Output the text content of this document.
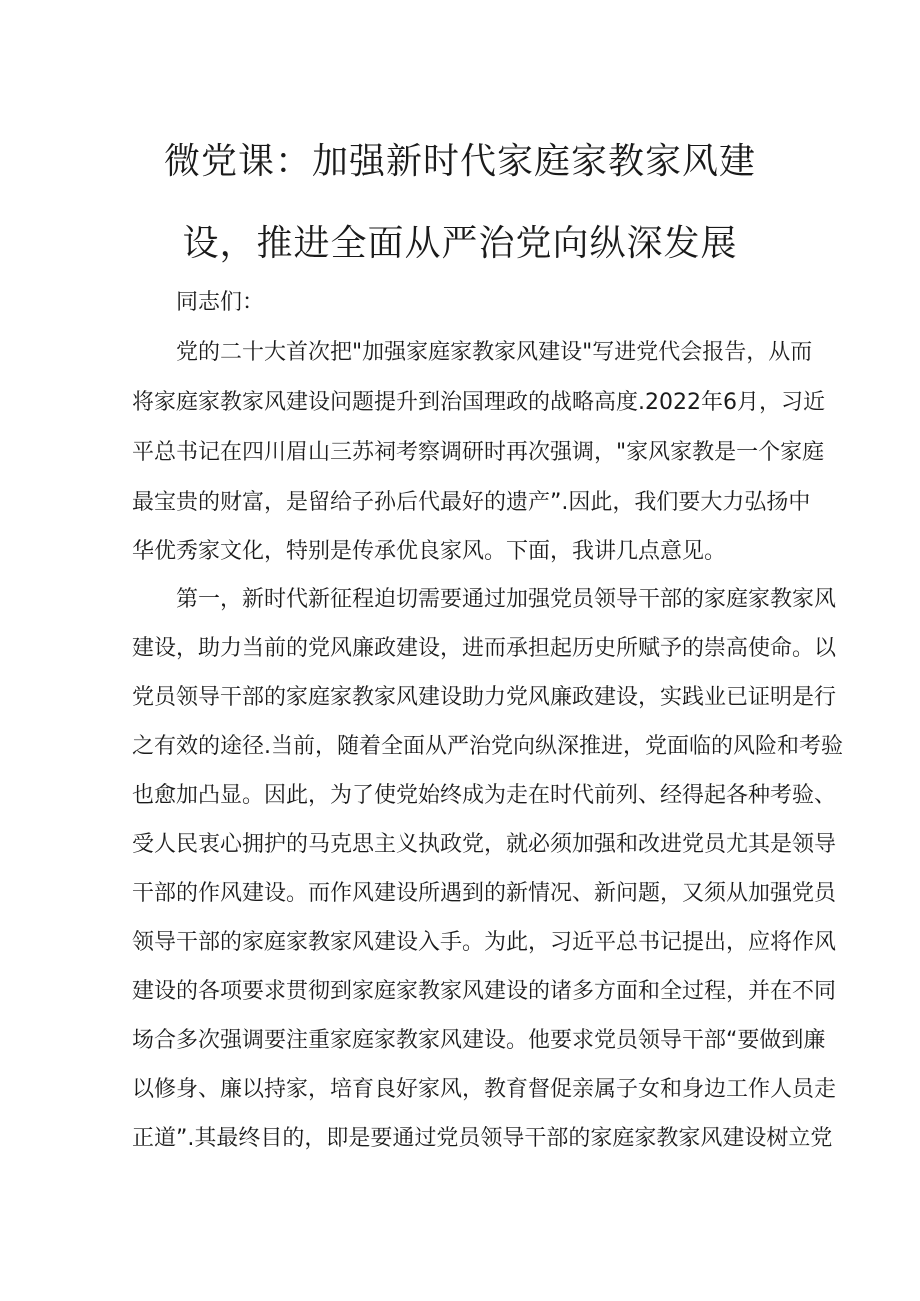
微党课：加强新时代家庭家教家风建
设，推进全面从严治党向纵深发展

同志们：

党的二十大首次把"加强家庭家教家风建设"写进党代会报告，从而

将家庭家教家风建设问题提升到治国理政的战略高度.2022年6月，习近

平总书记在四川眉山三苏祠考察调研时再次强调，"家风家教是一个家庭

最宝贵的财富，是留给子孙后代最好的遗产”.因此，我们要大力弘扬中

华优秀家文化，特别是传承优良家风。下面，我讲几点意见。

第一，新时代新征程迫切需要通过加强党员领导干部的家庭家教家风

建设，助力当前的党风廉政建设，进而承担起历史所赋予的崇高使命。以

党员领导干部的家庭家教家风建设助力党风廉政建设，实践业已证明是行

之有效的途径.当前，随着全面从严治党向纵深推进，党面临的风险和考验

也愈加凸显。因此，为了使党始终成为走在时代前列、经得起各种考验、

受人民衷心拥护的马克思主义执政党，就必须加强和改进党员尤其是领导

干部的作风建设。而作风建设所遇到的新情况、新问题，又须从加强党员

领导干部的家庭家教家风建设入手。为此，习近平总书记提出，应将作风

建设的各项要求贯彻到家庭家教家风建设的诸多方面和全过程，并在不同

场合多次强调要注重家庭家教家风建设。他要求党员领导干部“要做到廉

以修身、廉以持家，培育良好家风，教育督促亲属子女和身边工作人员走

正道”.其最终目的，即是要通过党员领导干部的家庭家教家风建设树立党
